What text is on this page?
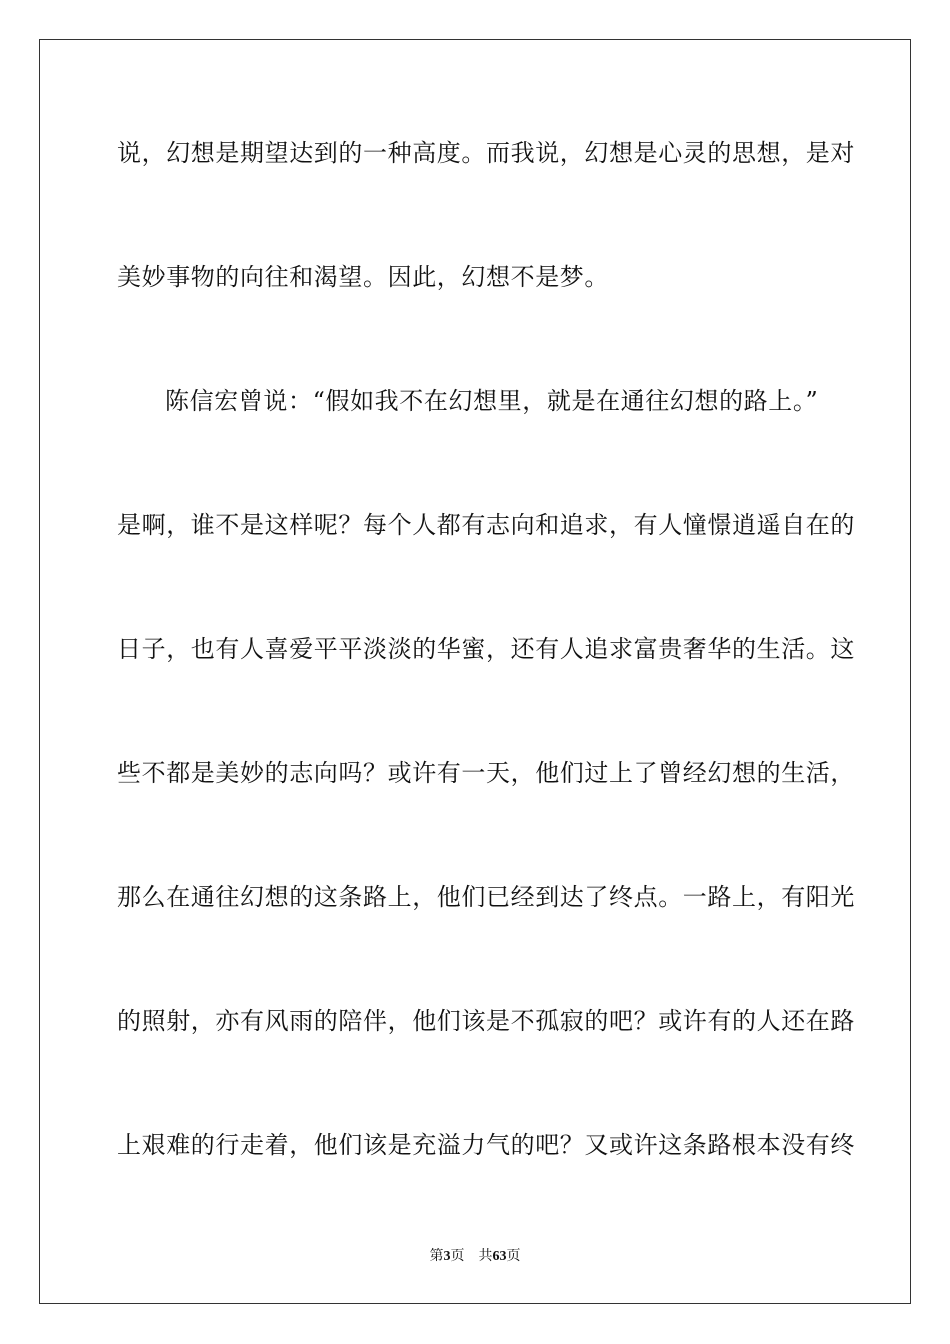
说，幻想是期望达到的一种高度。而我说，幻想是心灵的思想，是对
美妙事物的向往和渴望。因此，幻想不是梦。
陈信宏曾说：“假如我不在幻想里，就是在通往幻想的路上。”
是啊，谁不是这样呢？每个人都有志向和追求，有人憧憬逍遥自在的
日子，也有人喜爱平平淡淡的华蜜，还有人追求富贵奢华的生活。这
些不都是美妙的志向吗？或许有一天，他们过上了曾经幻想的生活，
那么在通往幻想的这条路上，他们已经到达了终点。一路上，有阳光
的照射，亦有风雨的陪伴，他们该是不孤寂的吧？或许有的人还在路
上艰难的行走着，他们该是充溢力气的吧？又或许这条路根本没有终
第3页 共63页
